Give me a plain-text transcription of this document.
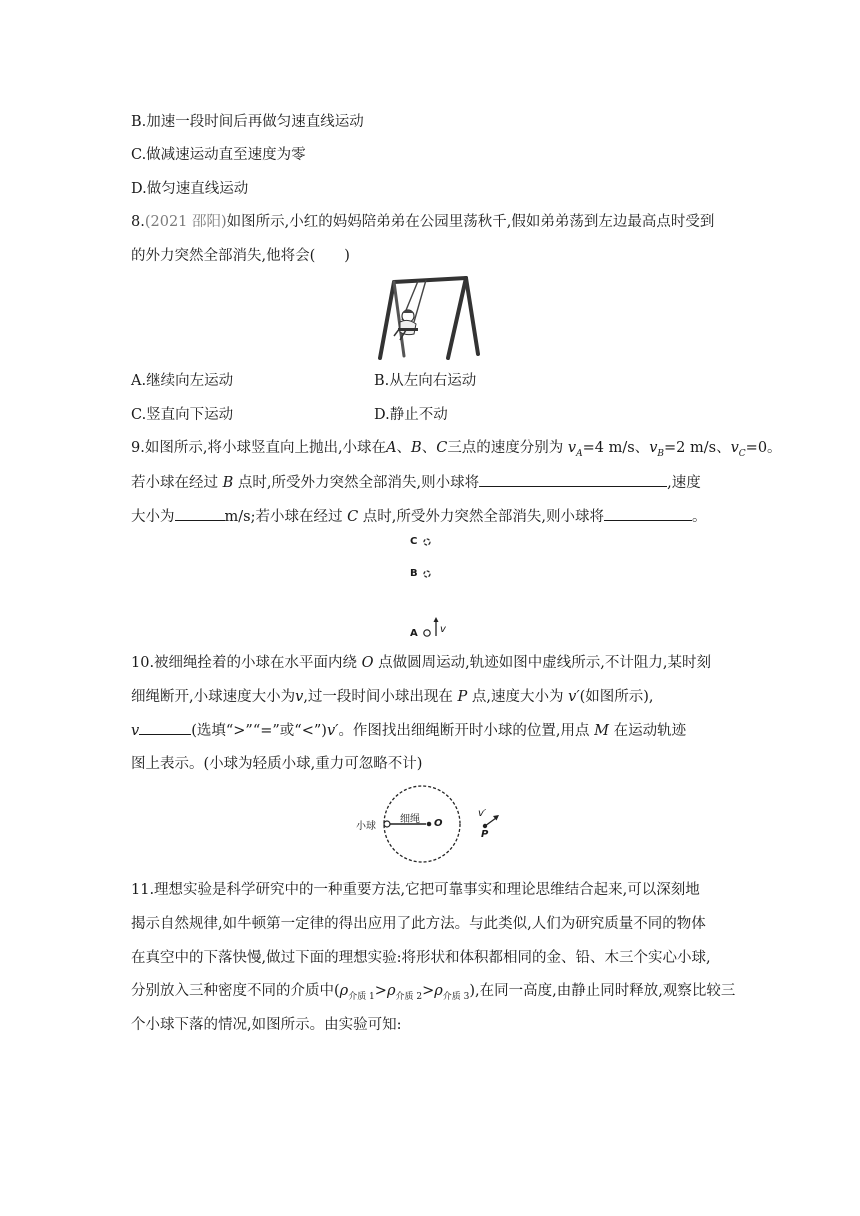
B.加速一段时间后再做匀速直线运动
C.做减速运动直至速度为零
D.做匀速直线运动
8.(2021 邵阳)如图所示,小红的妈妈陪弟弟在公园里荡秋千,假如弟弟荡到左边最高点时受到
的外力突然全部消失,他将会(　　)
A.继续向左运动	B.从左向右运动
C.竖直向下运动	D.静止不动
9.如图所示,将小球竖直向上抛出,小球在A、B、C三点的速度分别为 $v_A=4$ m/s、$v_B=2$ m/s、$v_C=0$。
若小球在经过 B 点时,所受外力突然全部消失,则小球将	,速度
大小为	m/s;若小球在经过 C 点时,所受外力突然全部消失,则小球将	。
C
B
A v
10.被细绳拴着的小球在水平面内绕 O 点做圆周运动,轨迹如图中虚线所示,不计阻力,某时刻
细绳断开,小球速度大小为v,过一段时间小球出现在 P 点,速度大小为 v′(如图所示),
v	(选填“>”“=”或“<”)v′。作图找出细绳断开时小球的位置,用点 M 在运动轨迹
图上表示。(小球为轻质小球,重力可忽略不计)
小球
细绳 O
v′
P
11.理想实验是科学研究中的一种重要方法,它把可靠事实和理论思维结合起来,可以深刻地
揭示自然规律,如牛顿第一定律的得出应用了此方法。与此类似,人们为研究质量不同的物体
在真空中的下落快慢,做过下面的理想实验:将形状和体积都相同的金、铅、木三个实心小球,
分别放入三种密度不同的介质中$(\rho_{介质 1}>\rho_{介质 2}>\rho_{介质 3})$,在同一高度,由静止同时释放,观察比较三
个小球下落的情况,如图所示。由实验可知:
